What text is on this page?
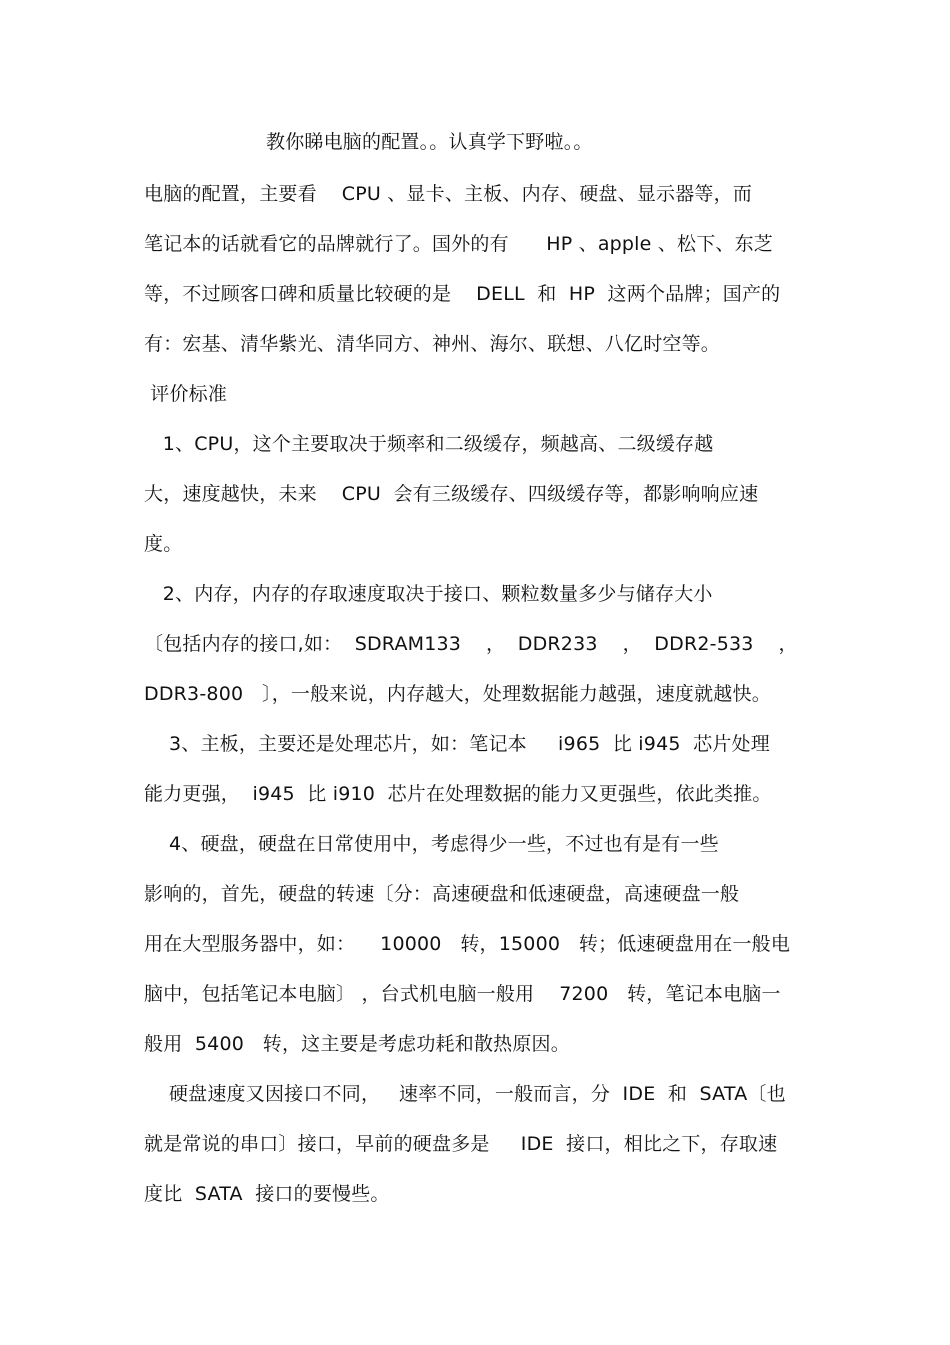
教你睇电脑的配置。。认真学下野啦。。
电脑的配置，主要看    CPU 、显卡、主板、内存、硬盘、显示器等，而
笔记本的话就看它的品牌就行了。国外的有      HP 、apple 、松下、东芝
等，不过顾客口碑和质量比较硬的是    DELL  和  HP  这两个品牌；国产的
有：宏基、清华紫光、清华同方、神州、海尔、联想、八亿时空等。
评价标准
1、CPU，这个主要取决于频率和二级缓存，频越高、二级缓存越
大，速度越快，未来    CPU  会有三级缓存、四级缓存等，都影响响应速
度。
2、内存，内存的存取速度取决于接口、颗粒数量多少与储存大小
〔包括内存的接口,如：  SDRAM133    ，  DDR233    ，  DDR2-533    ，
DDR3-800   〕，一般来说，内存越大，处理数据能力越强，速度就越快。
3、主板，主要还是处理芯片，如：笔记本     i965  比 i945  芯片处理
能力更强，  i945  比 i910  芯片在处理数据的能力又更强些，依此类推。
4、硬盘，硬盘在日常使用中，考虑得少一些，不过也有是有一些
影响的，首先，硬盘的转速〔分：高速硬盘和低速硬盘，高速硬盘一般
用在大型服务器中，如：    10000   转，15000   转；低速硬盘用在一般电
脑中，包括笔记本电脑〕 ，台式机电脑一般用    7200   转，笔记本电脑一
般用  5400   转，这主要是考虑功耗和散热原因。
硬盘速度又因接口不同，   速率不同，一般而言，分  IDE  和  SATA〔也
就是常说的串口〕接口，早前的硬盘多是     IDE  接口，相比之下，存取速
度比  SATA  接口的要慢些。
